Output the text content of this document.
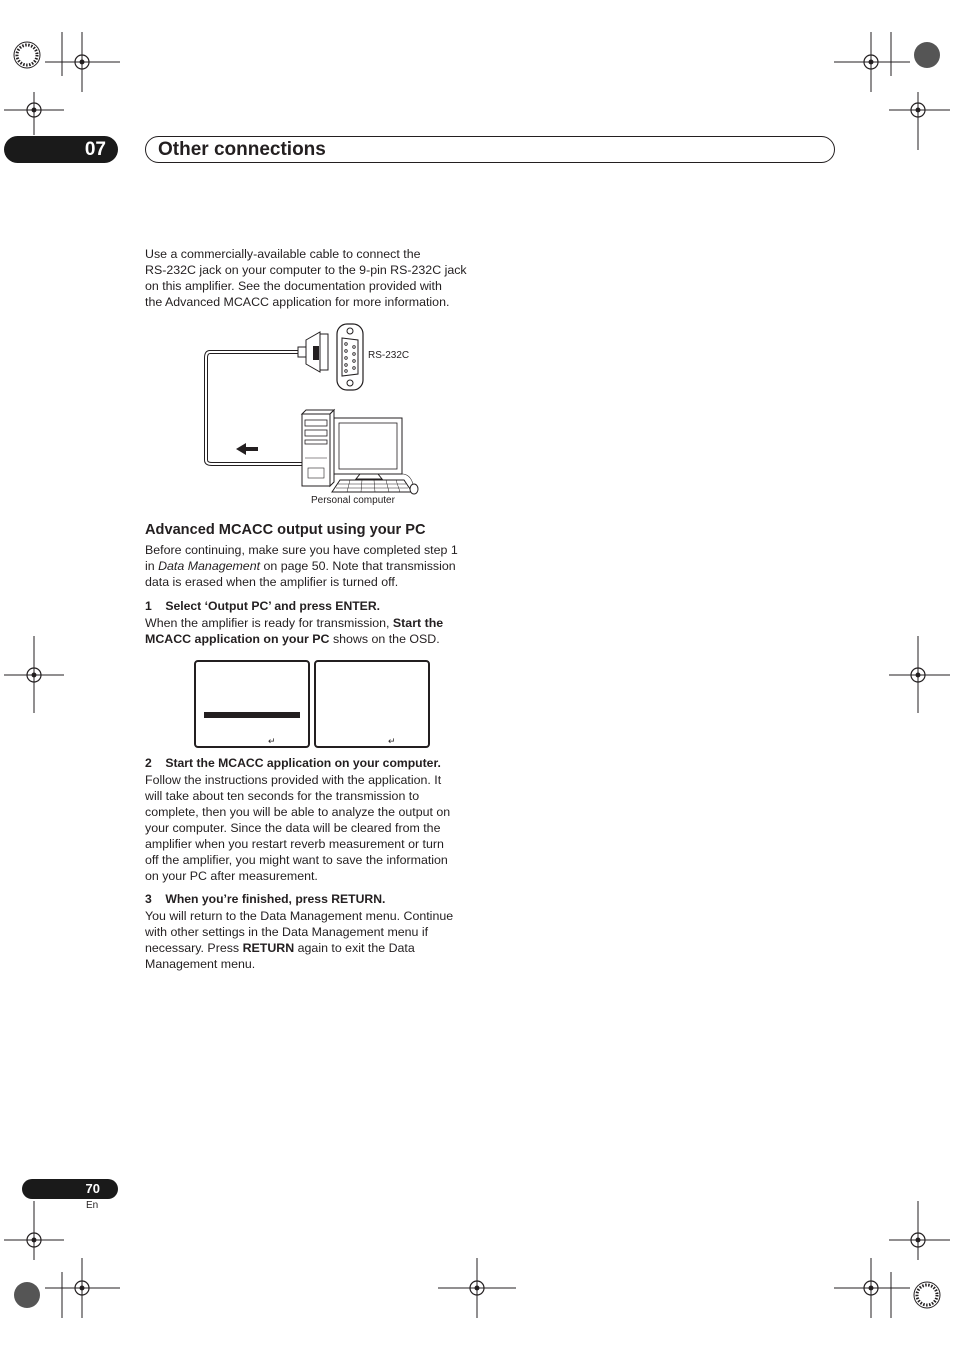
07	Other connections

Use a commercially-available cable to connect the

RS-232C jack on your computer to the 9-pin RS-232C jack

on this amplifier. See the documentation provided with

the Advanced MCACC application for more information.

RS-232C
Personal computer
Advanced MCACC output using your PC

Before continuing, make sure you have completed step 1

in Data Management on page 50. Note that transmission

data is erased when the amplifier is turned off.

1    Select ‘Output PC’ and press ENTER.

When the amplifier is ready for transmission, Start the

MCACC application on your PC shows on the OSD.

↵	↵
2    Start the MCACC application on your computer.

Follow the instructions provided with the application. It

will take about ten seconds for the transmission to

complete, then you will be able to analyze the output on

your computer. Since the data will be cleared from the

amplifier when you restart reverb measurement or turn

off the amplifier, you might want to save the information

on your PC after measurement.

3    When you’re finished, press RETURN.

You will return to the Data Management menu. Continue

with other settings in the Data Management menu if

necessary. Press RETURN again to exit the Data

Management menu.

70
En
